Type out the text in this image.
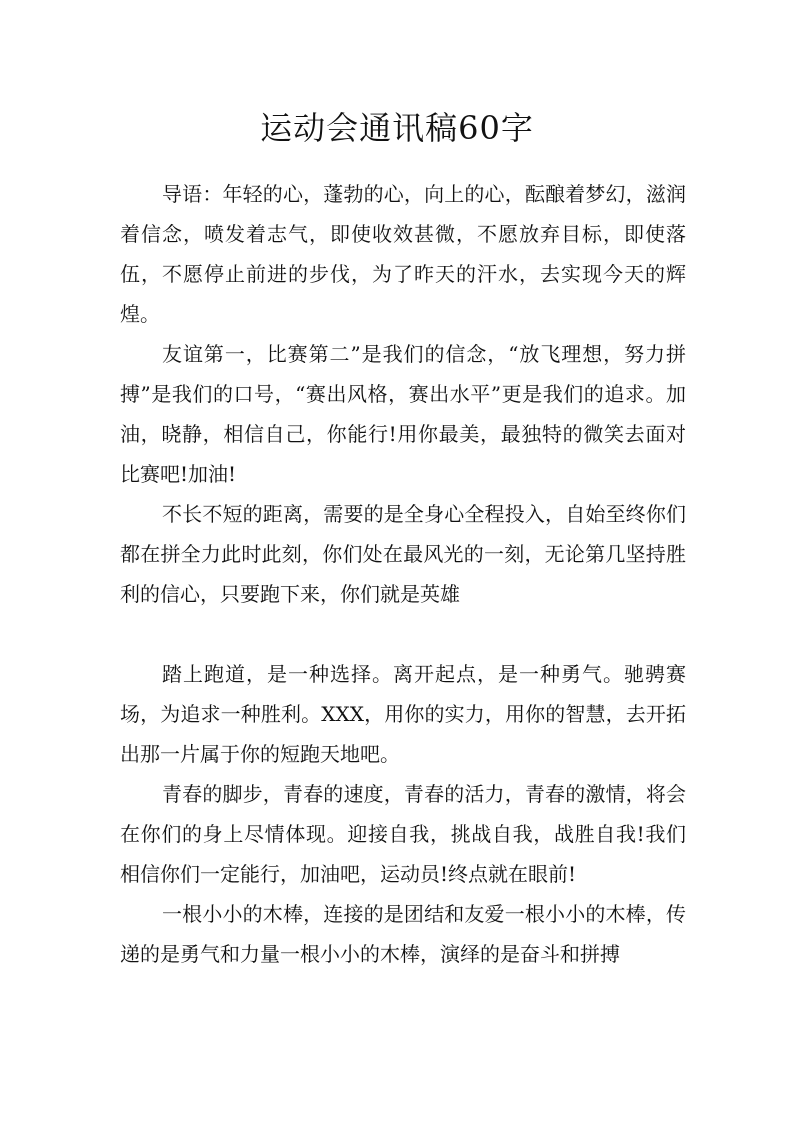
运动会通讯稿60字

导语：年轻的心，蓬勃的心，向上的心，酝酿着梦幻，滋润着信念，喷发着志气，即使收效甚微，不愿放弃目标，即使落伍，不愿停止前进的步伐，为了昨天的汗水，去实现今天的辉煌。

友谊第一，比赛第二”是我们的信念，“放飞理想，努力拼搏”是我们的口号，“赛出风格，赛出水平”更是我们的追求。加油，晓静，相信自己，你能行!用你最美，最独特的微笑去面对比赛吧!加油!

不长不短的距离，需要的是全身心全程投入，自始至终你们都在拼全力此时此刻，你们处在最风光的一刻，无论第几坚持胜利的信心，只要跑下来，你们就是英雄

踏上跑道，是一种选择。离开起点，是一种勇气。驰骋赛场，为追求一种胜利。XXX，用你的实力，用你的智慧，去开拓出那一片属于你的短跑天地吧。

青春的脚步，青春的速度，青春的活力，青春的激情，将会在你们的身上尽情体现。迎接自我，挑战自我，战胜自我!我们相信你们一定能行，加油吧，运动员!终点就在眼前!

一根小小的木棒，连接的是团结和友爱一根小小的木棒，传递的是勇气和力量一根小小的木棒，演绎的是奋斗和拼搏
